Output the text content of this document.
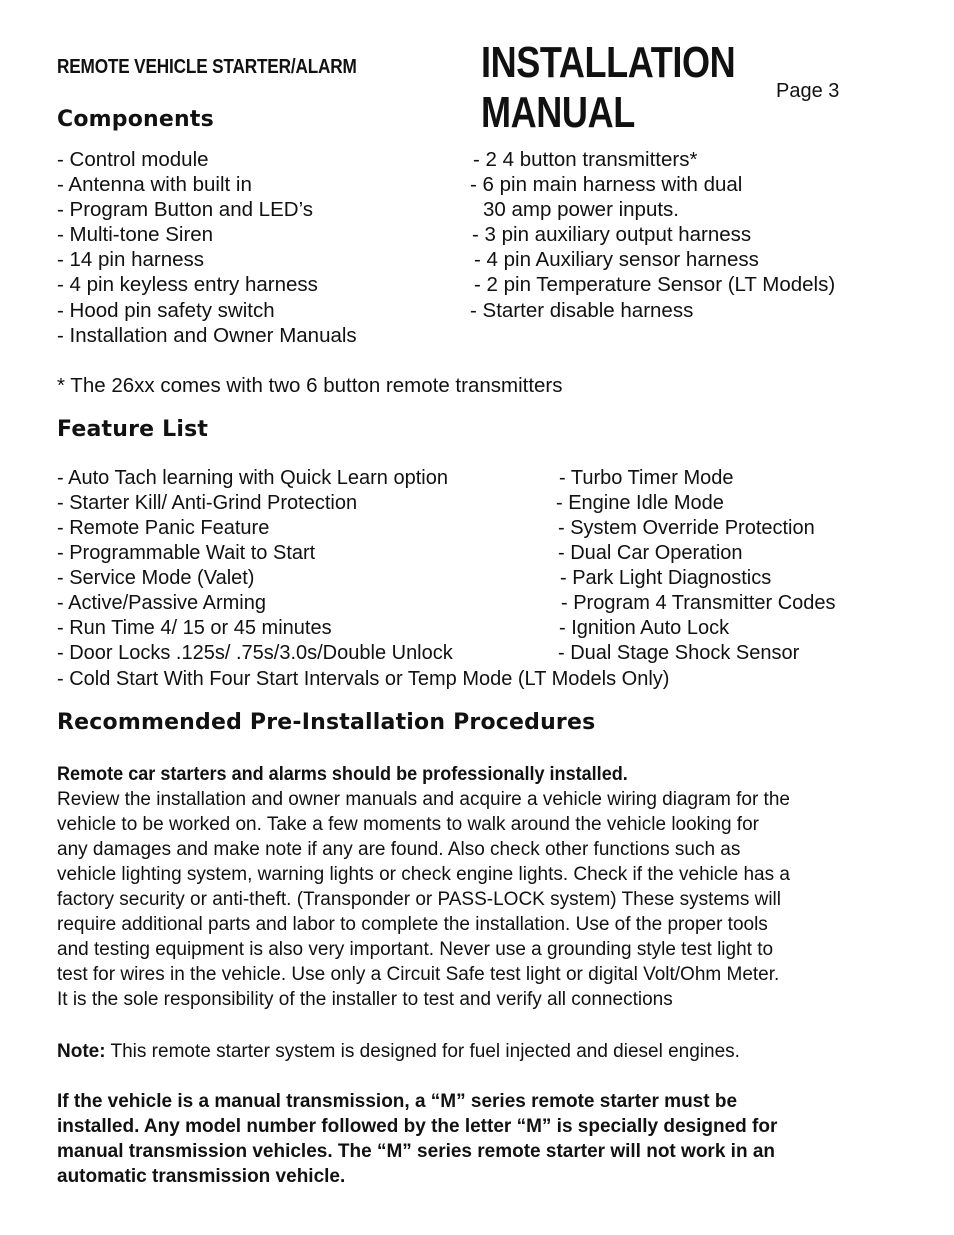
REMOTE VEHICLE STARTER/ALARM	INSTALLATION MANUAL	Page 3
Components
- Control module
- Antenna with built in
- Program Button and LED’s
- Multi-tone Siren
- 14 pin harness
- 4 pin keyless entry harness
- Hood pin safety switch
- Installation and Owner Manuals
- 2 4 button transmitters*
- 6 pin main harness with dual
30 amp power inputs.
- 3 pin auxiliary output harness
- 4 pin Auxiliary sensor harness
- 2 pin Temperature Sensor (LT Models)
- Starter disable harness
* The 26xx comes with two 6 button remote transmitters
Feature List
- Auto Tach learning with Quick Learn option
- Starter Kill/ Anti-Grind Protection
- Remote Panic Feature
- Programmable Wait to Start
- Service Mode (Valet)
- Active/Passive Arming
- Run Time 4/ 15 or 45 minutes
- Door Locks .125s/ .75s/3.0s/Double Unlock
- Cold Start With Four Start Intervals or Temp Mode (LT Models Only)
- Turbo Timer Mode
- Engine Idle Mode
- System Override Protection
- Dual Car Operation
- Park Light Diagnostics
- Program 4 Transmitter Codes
- Ignition Auto Lock
- Dual Stage Shock Sensor
Recommended Pre-Installation Procedures
Remote car starters and alarms should be professionally installed.
Review the installation and owner manuals and acquire a vehicle wiring diagram for the
vehicle to be worked on. Take a few moments to walk around the vehicle looking for
any damages and make note if any are found. Also check other functions such as
vehicle lighting system, warning lights or check engine lights. Check if the vehicle has a
factory security or anti-theft. (Transponder or PASS-LOCK system) These systems will
require additional parts and labor to complete the installation. Use of the proper tools
and testing equipment is also very important. Never use a grounding style test light to
test for wires in the vehicle. Use only a Circuit Safe test light or digital Volt/Ohm Meter.
It is the sole responsibility of the installer to test and verify all connections
Note: This remote starter system is designed for fuel injected and diesel engines.
If the vehicle is a manual transmission, a “M” series remote starter must be
installed. Any model number followed by the letter “M” is specially designed for
manual transmission vehicles. The “M” series remote starter will not work in an
automatic transmission vehicle.
